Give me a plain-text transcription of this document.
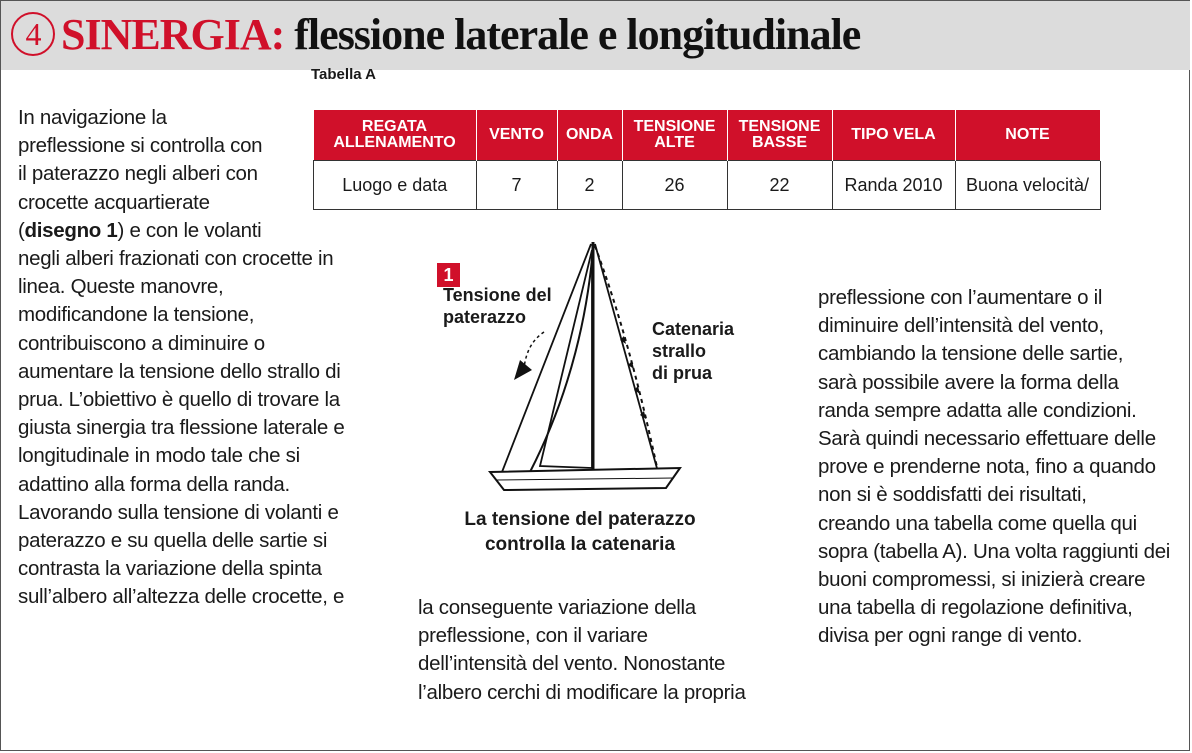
4 SINERGIA: flessione laterale e longitudinale

In navigazione la

preflessione si controlla con

il paterazzo negli alberi con

crocette acquartierate

(disegno 1) e con le volanti

negli alberi frazionati con crocette in

linea. Queste manovre,

modificandone la tensione,

contribuiscono a diminuire o

aumentare la tensione dello strallo di

prua. L’obiettivo è quello di trovare la

giusta sinergia tra flessione laterale e

longitudinale in modo tale che si

adattino alla forma della randa.

Lavorando sulla tensione di volanti e

paterazzo e su quella delle sartie si

contrasta la variazione della spinta

sull’albero all’altezza delle crocette, e

Tabella A
REGATA ALLENAMENTO	VENTO	ONDA	TENSIONE ALTE	TENSIONE BASSE	TIPO VELA	NOTE
Luogo e data	7	2	26	22	Randa 2010	Buona velocità/
1
Tensione del
paterazzo
Catenaria
strallo
di prua
La tensione del paterazzo
controlla la catenaria

la conseguente variazione della

preflessione, con il variare

dell’intensità del vento. Nonostante

l’albero cerchi di modificare la propria

preflessione con l’aumentare o il

diminuire dell’intensità del vento,

cambiando la tensione delle sartie,

sarà possibile avere la forma della

randa sempre adatta alle condizioni.

Sarà quindi necessario effettuare delle

prove e prenderne nota, fino a quando

non si è soddisfatti dei risultati,

creando una tabella come quella qui

sopra (tabella A). Una volta raggiunti dei

buoni compromessi, si inizierà creare

una tabella di regolazione definitiva,

divisa per ogni range di vento.
